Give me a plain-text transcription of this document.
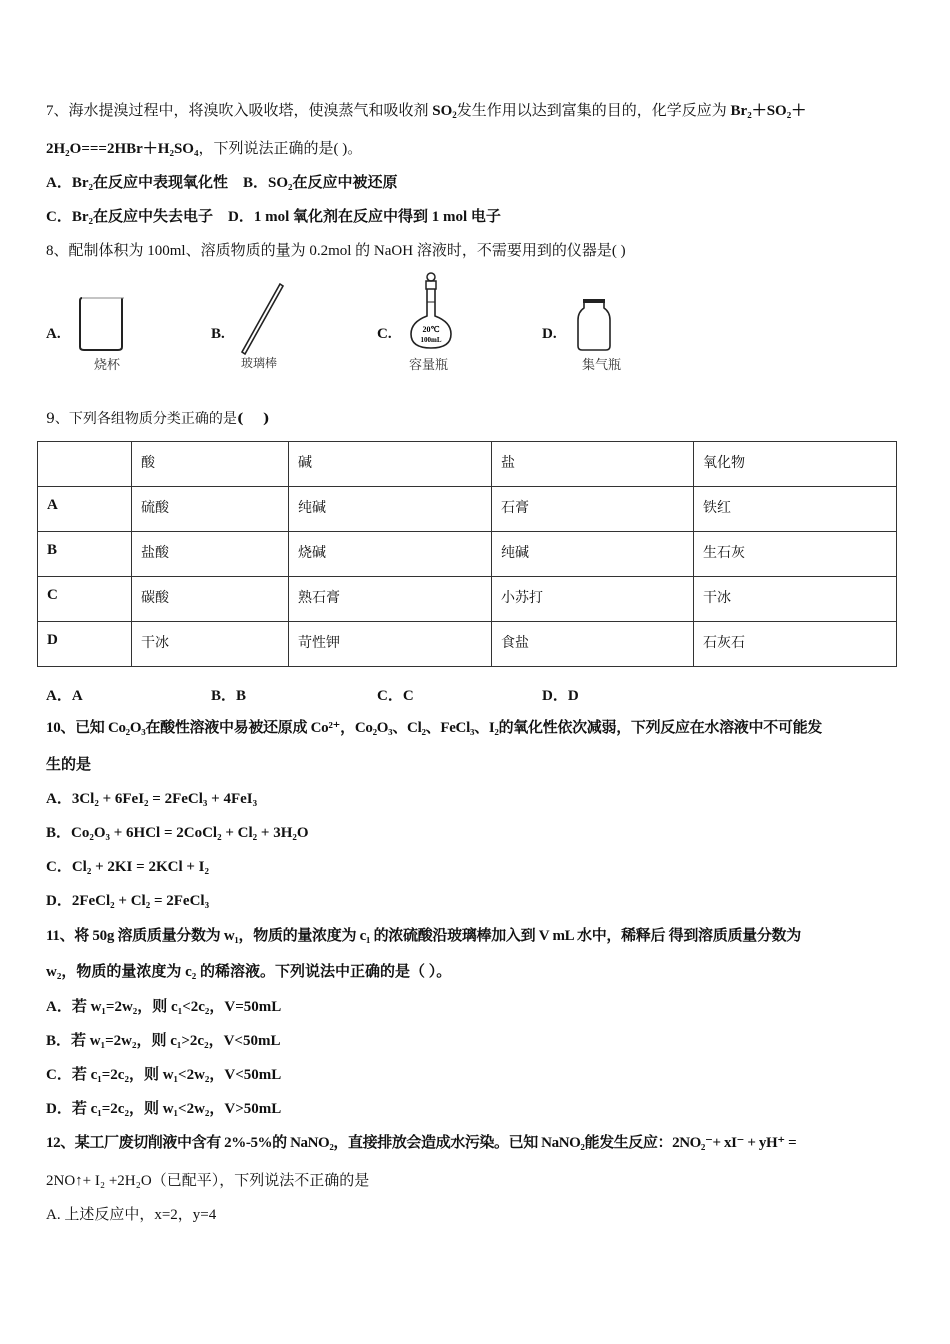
7、海水提溴过程中，将溴吹入吸收塔，使溴蒸气和吸收剂 $SO_2$发生作用以达到富集的目的，化学反应为 Br₂＋SO₂＋
2H₂O===2HBr＋H₂SO₄，下列说法正确的是( )。
A．Br₂在反应中表现氧化性 B．SO₂在反应中被还原
C．Br₂在反应中失去电子 D．1 mol 氧化剂在反应中得到 1 mol 电子
8、配制体积为 100ml、溶质物质的量为 0.2mol 的 NaOH 溶液时，不需要用到的仪器是( )
A.
烧杯
B.
玻璃棒
C.	20℃
100mL
容量瓶
D.
集气瓶
9、下列各组物质分类正确的是(    )
	酸	碱	盐	氧化物
A	硫酸	纯碱	石膏	铁红
B	盐酸	烧碱	纯碱	生石灰
C	碳酸	熟石膏	小苏打	干冰
D	干冰	苛性钾	食盐	石灰石
A．A	B．B	C．C	D．D
10、已知 Co₂O₃在酸性溶液中易被还原成 Co²⁺，Co₂O₃、Cl₂、FeCl₃、I₂的氧化性依次减弱，下列反应在水溶液中不可能发
生的是
A．3Cl₂ + 6FeI₂ = 2FeCl₃ + 4FeI₃
B．Co₂O₃ + 6HCl = 2CoCl₂ + Cl₂ + 3H₂O
C．Cl₂ + 2KI = 2KCl + I₂
D．2FeCl₂ + Cl₂ = 2FeCl₃
11、将 50g 溶质质量分数为 w₁，物质的量浓度为 c₁ 的浓硫酸沿玻璃棒加入到 V mL 水中，稀释后 得到溶质质量分数为
w₂，物质的量浓度为 c₂ 的稀溶液。下列说法中正确的是（ ）。
A．若 w₁=2w₂，则 c₁<2c₂，V=50mL
B．若 w₁=2w₂，则 c₁>2c₂，V<50mL
C．若 c₁=2c₂，则 w₁<2w₂，V<50mL
D．若 c₁=2c₂，则 w₁<2w₂，V>50mL
12、某工厂废切削液中含有 2%-5%的 NaNO₂，直接排放会造成水污染。已知 NaNO₂能发生反应：2NO₂⁻+ xI⁻ + yH⁺ =
2NO↑+ I₂ +2H₂O（已配平），下列说法不正确的是
A. 上述反应中，x=2，y=4
